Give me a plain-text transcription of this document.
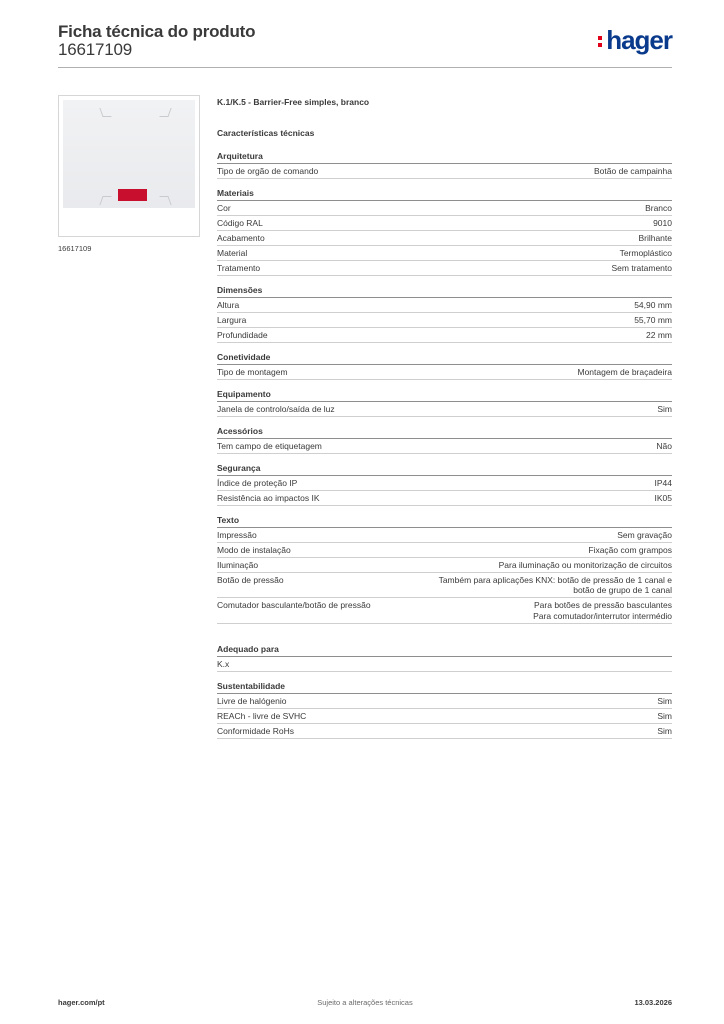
Ficha técnica do produto
16617109	hager
16617109
K.1/K.5 - Barrier-Free simples, branco
Características técnicas
Arquitetura
Tipo de orgão de comando	Botão de campainha
Materiais
Cor	Branco
Código RAL	9010
Acabamento	Brilhante
Material	Termoplástico
Tratamento	Sem tratamento
Dimensões
Altura	54,90 mm
Largura	55,70 mm
Profundidade	22 mm
Conetividade
Tipo de montagem	Montagem de braçadeira
Equipamento
Janela de controlo/saída de luz	Sim
Acessórios
Tem campo de etiquetagem	Não
Segurança
Índice de proteção IP	IP44
Resistência ao impactos IK	IK05
Texto
Impressão	Sem gravação
Modo de instalação	Fixação com grampos
Iluminação	Para iluminação ou monitorização de circuitos
Botão de pressão	Também para aplicações KNX: botão de pressão de 1 canal e
botão de grupo de 1 canal
Comutador basculante/botão de pressão	Para botões de pressão basculantes
Para comutador/interrutor intermédio
Adequado para
K.x
Sustentabilidade
Livre de halógenio	Sim
REACh - livre de SVHC	Sim
Conformidade RoHs	Sim
hager.com/pt	Sujeito a alterações técnicas	13.03.2026
